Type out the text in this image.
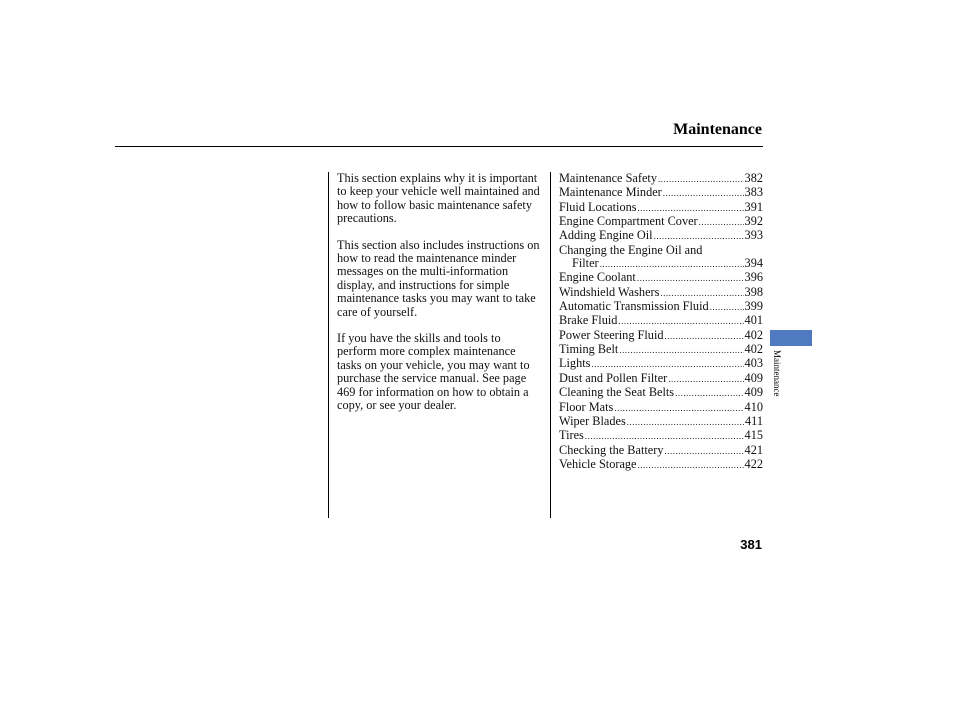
Maintenance

This section explains why it is important to keep your vehicle well maintained and how to follow basic maintenance safety precautions.

This section also includes instructions on how to read the maintenance minder messages on the multi-information display, and instructions for simple maintenance tasks you may want to take care of yourself.

If you have the skills and tools to perform more complex maintenance tasks on your vehicle, you may want to purchase the service manual. See page 469 for information on how to obtain a copy, or see your dealer.

Maintenance Safety .....	382
Maintenance Minder .....	383
Fluid Locations .....	391
Engine Compartment Cover .....	392
Adding Engine Oil .....	393
Changing the Engine Oil and
Filter .....	394
Engine Coolant .....	396
Windshield Washers .....	398
Automatic Transmission Fluid .....	399
Brake Fluid .....	401
Power Steering Fluid .....	402
Timing Belt .....	402
Lights .....	403
Dust and Pollen Filter .....	409
Cleaning the Seat Belts .....	409
Floor Mats .....	410
Wiper Blades .....	411
Tires .....	415
Checking the Battery .....	421
Vehicle Storage .....	422
Maintenance
381
